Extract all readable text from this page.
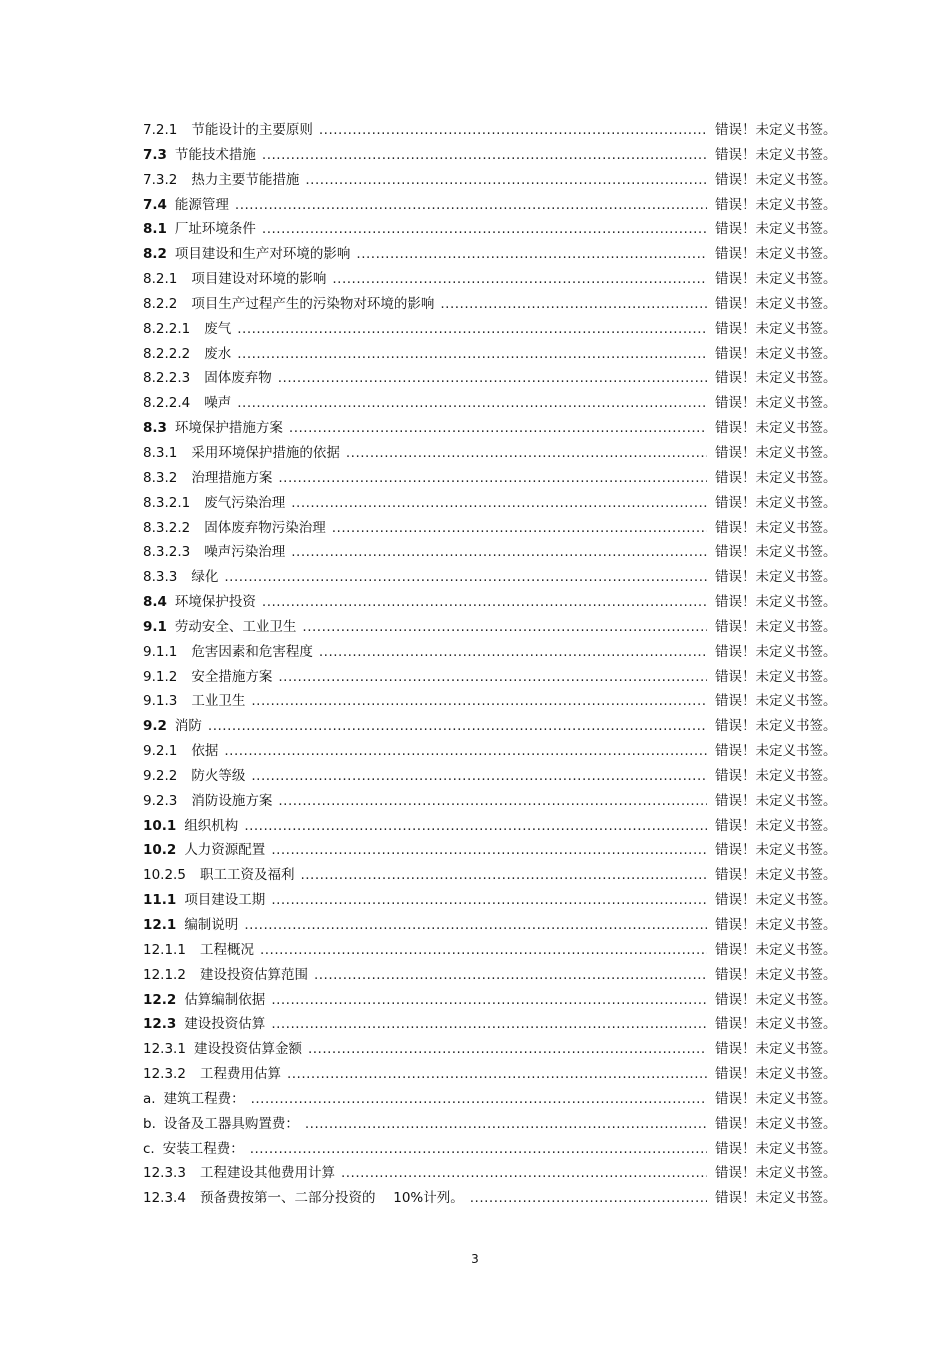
7.2.1 节能设计的主要原则 .....	错误！未定义书签。
7.3 节能技术措施 .....	错误！未定义书签。
7.3.2 热力主要节能措施 .....	错误！未定义书签。
7.4 能源管理 .....	错误！未定义书签。
8.1 厂址环境条件 .....	错误！未定义书签。
8.2 项目建设和生产对环境的影响 .....	错误！未定义书签。
8.2.1 项目建设对环境的影响 .....	错误！未定义书签。
8.2.2 项目生产过程产生的污染物对环境的影响 .....	错误！未定义书签。
8.2.2.1 废气 .....	错误！未定义书签。
8.2.2.2 废水 .....	错误！未定义书签。
8.2.2.3 固体废弃物 .....	错误！未定义书签。
8.2.2.4 噪声 .....	错误！未定义书签。
8.3 环境保护措施方案 .....	错误！未定义书签。
8.3.1 采用环境保护措施的依据 .....	错误！未定义书签。
8.3.2 治理措施方案 .....	错误！未定义书签。
8.3.2.1 废气污染治理 .....	错误！未定义书签。
8.3.2.2 固体废弃物污染治理 .....	错误！未定义书签。
8.3.2.3 噪声污染治理 .....	错误！未定义书签。
8.3.3 绿化 .....	错误！未定义书签。
8.4 环境保护投资 .....	错误！未定义书签。
9.1 劳动安全、工业卫生 .....	错误！未定义书签。
9.1.1 危害因素和危害程度 .....	错误！未定义书签。
9.1.2 安全措施方案 .....	错误！未定义书签。
9.1.3 工业卫生 .....	错误！未定义书签。
9.2 消防 .....	错误！未定义书签。
9.2.1 依据 .....	错误！未定义书签。
9.2.2 防火等级 .....	错误！未定义书签。
9.2.3 消防设施方案 .....	错误！未定义书签。
10.1 组织机构 .....	错误！未定义书签。
10.2 人力资源配置 .....	错误！未定义书签。
10.2.5 职工工资及福利 .....	错误！未定义书签。
11.1 项目建设工期 .....	错误！未定义书签。
12.1 编制说明 .....	错误！未定义书签。
12.1.1 工程概况 .....	错误！未定义书签。
12.1.2 建设投资估算范围 .....	错误！未定义书签。
12.2 估算编制依据 .....	错误！未定义书签。
12.3 建设投资估算 .....	错误！未定义书签。
12.3.1 建设投资估算金额 .....	错误！未定义书签。
12.3.2 工程费用估算 .....	错误！未定义书签。
a. 建筑工程费： .....	错误！未定义书签。
b. 设备及工器具购置费： .....	错误！未定义书签。
c. 安装工程费： .....	错误！未定义书签。
12.3.3 工程建设其他费用计算 .....	错误！未定义书签。
12.3.4 预备费按第一、二部分投资的　 10%计列。 .....	错误！未定义书签。
3
